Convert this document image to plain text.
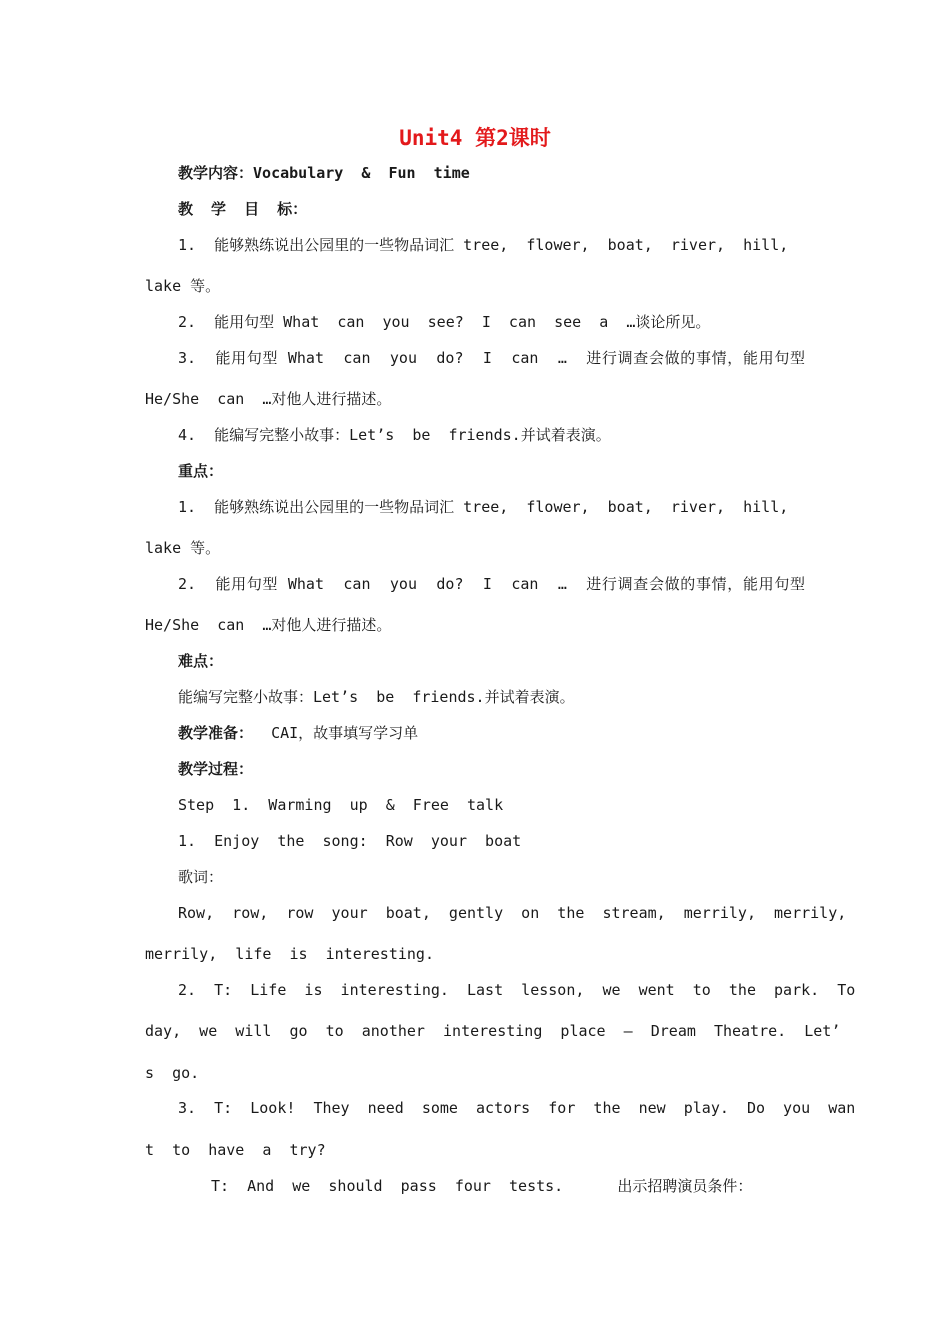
Unit4 第2课时
教学内容：Vocabulary  &  Fun  time
教  学  目  标：
1.  能够熟练说出公园里的一些物品词汇 tree,  flower,  boat,  river,  hill,
lake 等。
2.  能用句型 What  can  you  see?  I  can  see  a  …谈论所见。
3.  能用句型 What  can  you  do?  I  can  …  进行调查会做的事情，能用句型
He/She  can  …对他人进行描述。
4.  能编写完整小故事：Let’s  be  friends.并试着表演。
重点：
1.  能够熟练说出公园里的一些物品词汇 tree,  flower,  boat,  river,  hill,
lake 等。
2.  能用句型 What  can  you  do?  I  can  …  进行调查会做的事情，能用句型
He/She  can  …对他人进行描述。
难点：
能编写完整小故事：Let’s  be  friends.并试着表演。
教学准备：  CAI，故事填写学习单
教学过程：
Step  1.  Warming  up  &  Free  talk
1.  Enjoy  the  song:  Row  your  boat
歌词：
Row,  row,  row  your  boat,  gently  on  the  stream,  merrily,  merrily,
merrily,  life  is  interesting.
2.  T:  Life  is  interesting.  Last  lesson,  we  went  to  the  park.  To
day,  we  will  go  to  another  interesting  place  –  Dream  Theatre.  Let’
s  go.
3.  T:  Look!  They  need  some  actors  for  the  new  play.  Do  you  wan
t  to  have  a  try?
T:  And  we  should  pass  four  tests.      出示招聘演员条件：
